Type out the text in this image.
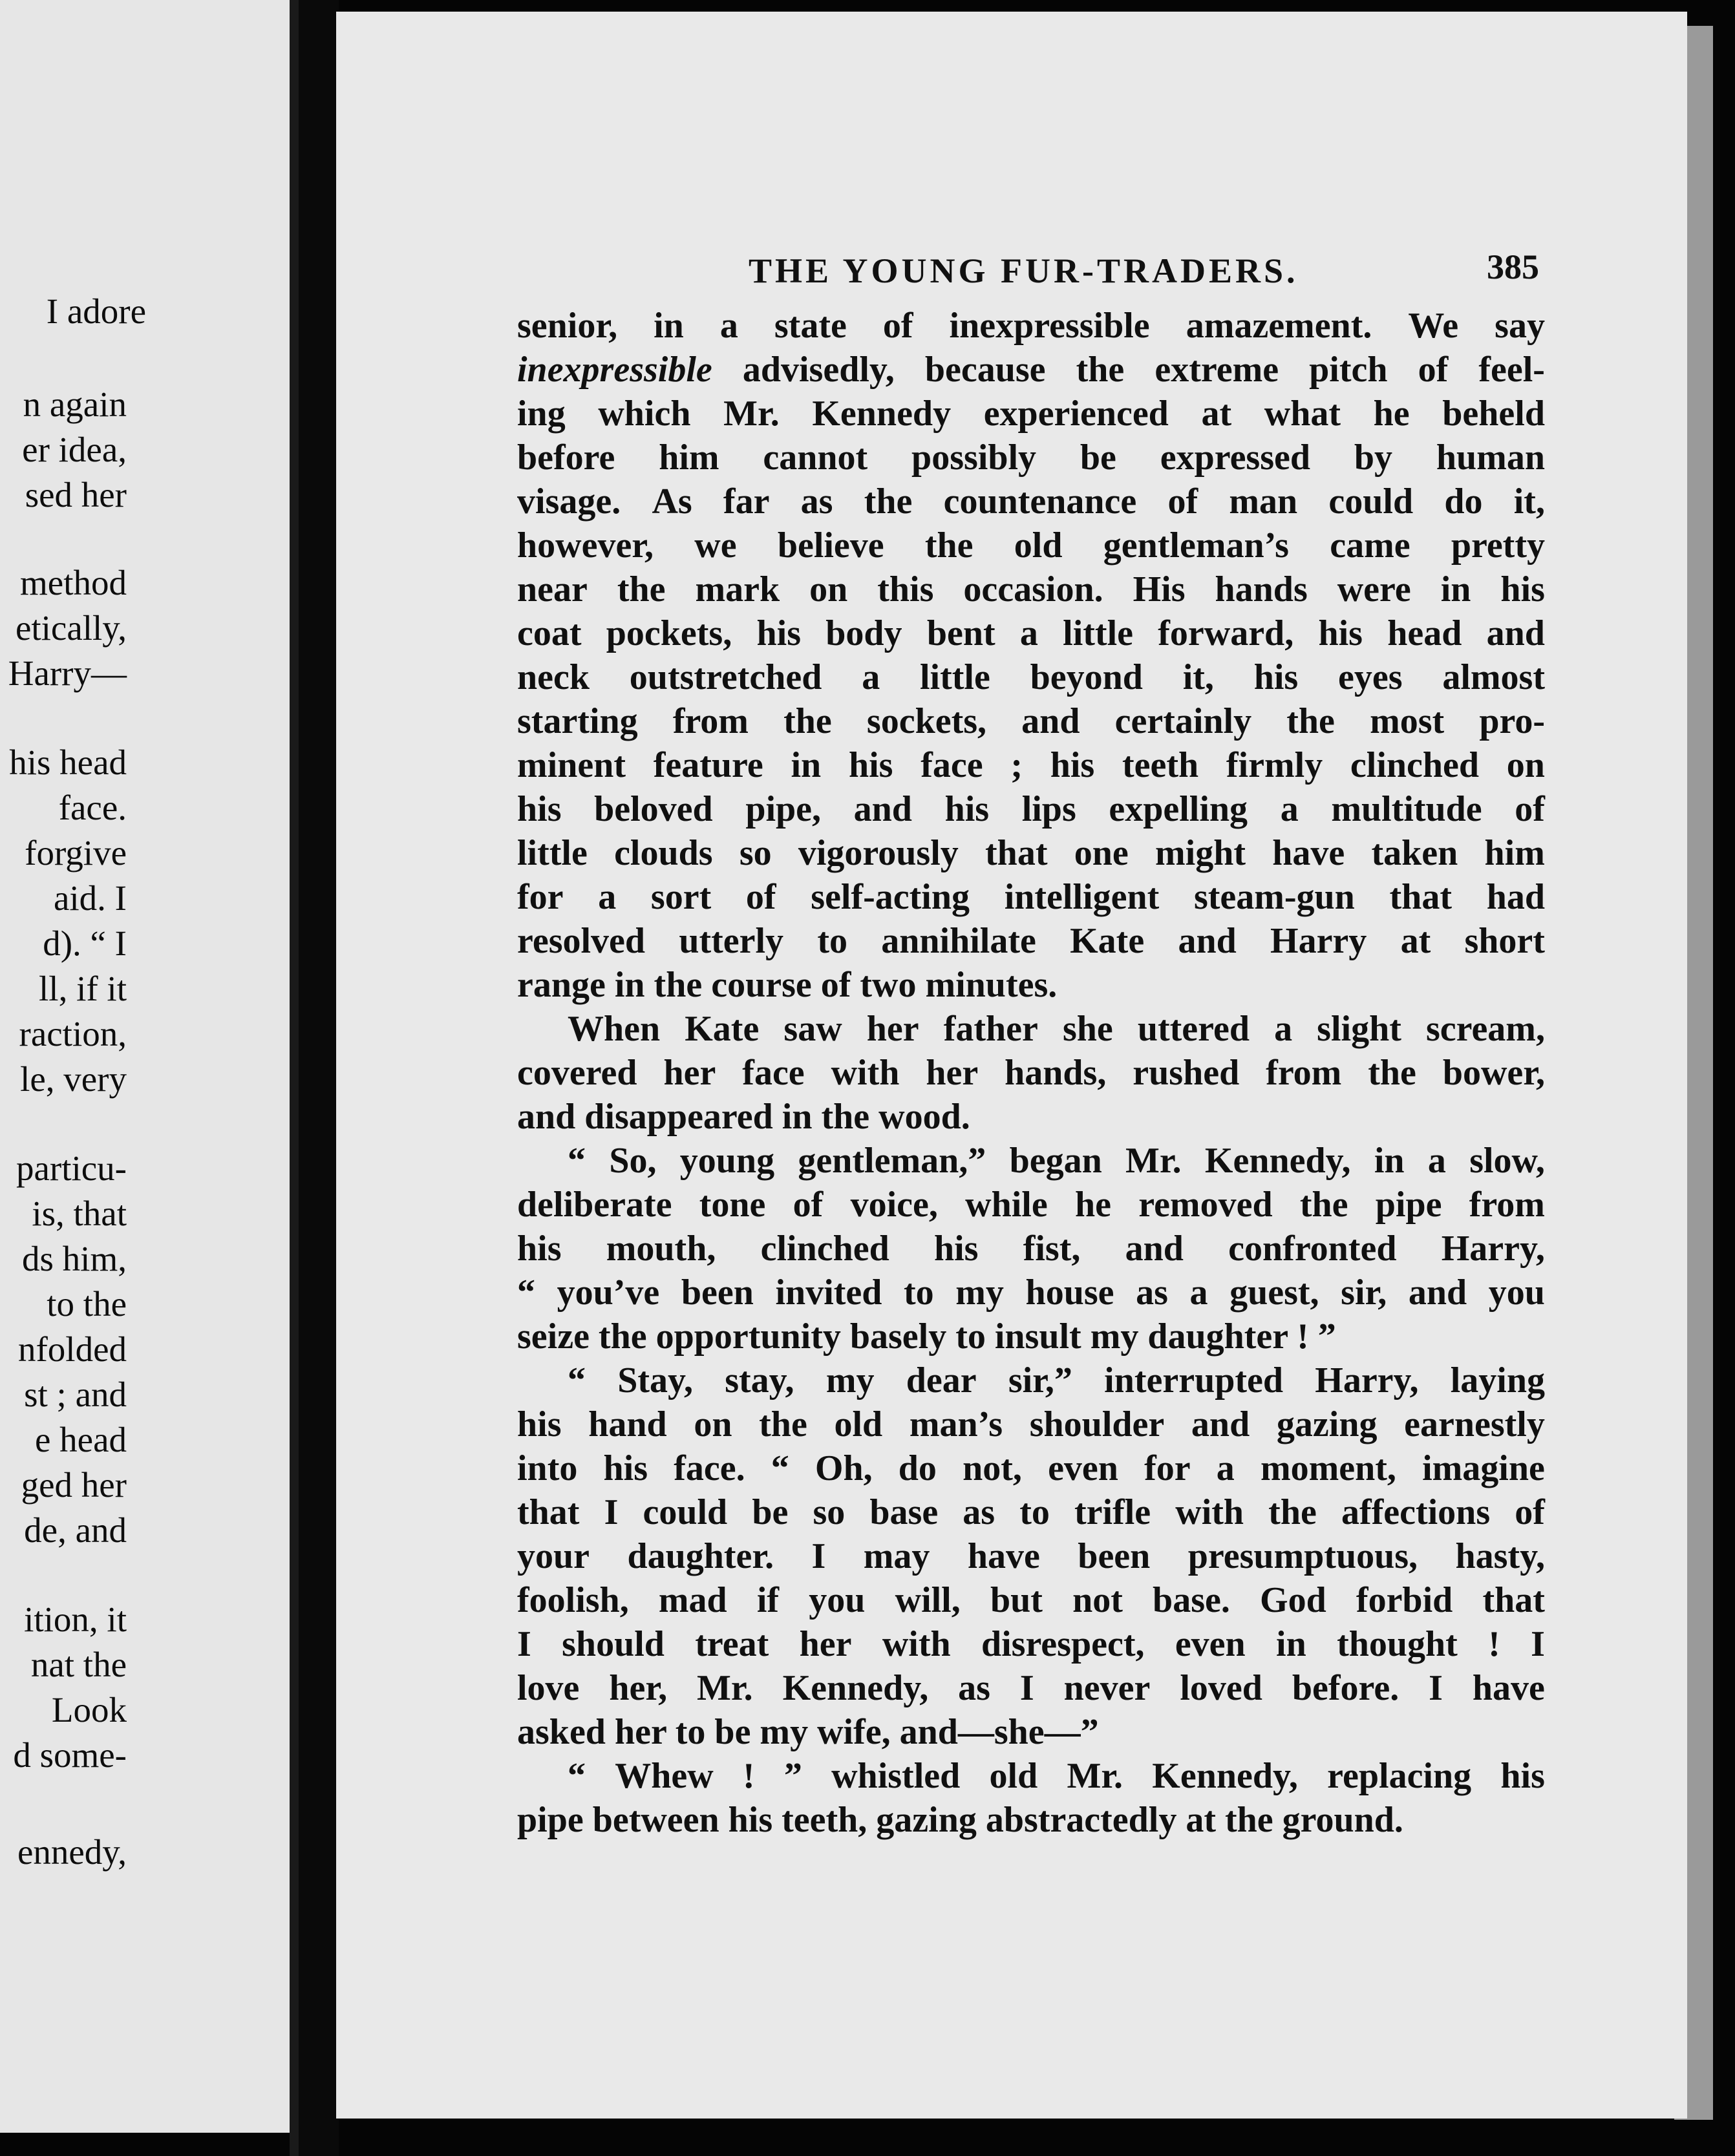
I adore
n again
er idea,
sed her
method
etically,
Harry—
his head
face.
forgive
aid. I
d). “ I
ll, if it
raction,
le, very
particu-
is, that
ds him,
to the
nfolded
st ; and
e head
ged her
de, and
ition, it
nat the
Look
d some-
ennedy,
THE YOUNG FUR-TRADERS.	385
senior, in a state of inexpressible amazement. We say
inexpressible advisedly, because the extreme pitch of feel-
ing which Mr. Kennedy experienced at what he beheld
before him cannot possibly be expressed by human
visage. As far as the countenance of man could do it,
however, we believe the old gentleman’s came pretty
near the mark on this occasion. His hands were in his
coat pockets, his body bent a little forward, his head and
neck outstretched a little beyond it, his eyes almost
starting from the sockets, and certainly the most pro-
minent feature in his face ; his teeth firmly clinched on
his beloved pipe, and his lips expelling a multitude of
little clouds so vigorously that one might have taken him
for a sort of self-acting intelligent steam-gun that had
resolved utterly to annihilate Kate and Harry at short
range in the course of two minutes.
When Kate saw her father she uttered a slight scream,
covered her face with her hands, rushed from the bower,
and disappeared in the wood.
“ So, young gentleman,” began Mr. Kennedy, in a slow,
deliberate tone of voice, while he removed the pipe from
his mouth, clinched his fist, and confronted Harry,
“ you’ve been invited to my house as a guest, sir, and you
seize the opportunity basely to insult my daughter ! ”
“ Stay, stay, my dear sir,” interrupted Harry, laying
his hand on the old man’s shoulder and gazing earnestly
into his face. “ Oh, do not, even for a moment, imagine
that I could be so base as to trifle with the affections of
your daughter. I may have been presumptuous, hasty,
foolish, mad if you will, but not base. God forbid that
I should treat her with disrespect, even in thought ! I
love her, Mr. Kennedy, as I never loved before. I have
asked her to be my wife, and—she—”
“ Whew ! ” whistled old Mr. Kennedy, replacing his
pipe between his teeth, gazing abstractedly at the ground.
